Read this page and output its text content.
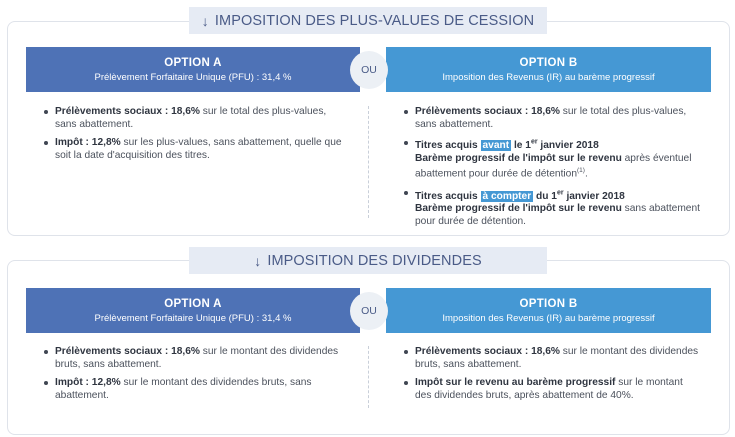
↓ IMPOSITION DES PLUS-VALUES DE CESSION
OPTION A
Prélèvement Forfaitaire Unique (PFU) : 31,4 %
OPTION B
Imposition des Revenus (IR) au barème progressif
OU
Prélèvements sociaux : 18,6% sur le total des plus-values, sans abattement.
Impôt : 12,8% sur les plus-values, sans abattement, quelle que soit la date d'acquisition des titres.
Prélèvements sociaux : 18,6% sur le total des plus-values, sans abattement.
Titres acquis avant le 1er janvier 2018
Barème progressif de l'impôt sur le revenu après éventuel abattement pour durée de détention$^{(1)}$.
Titres acquis à compter du 1er janvier 2018
Barème progressif de l'impôt sur le revenu sans abattement pour durée de détention.
↓ IMPOSITION DES DIVIDENDES
OPTION A
Prélèvement Forfaitaire Unique (PFU) : 31,4 %
OPTION B
Imposition des Revenus (IR) au barème progressif
OU
Prélèvements sociaux : 18,6% sur le montant des dividendes bruts, sans abattement.
Impôt : 12,8% sur le montant des dividendes bruts, sans abattement.
Prélèvements sociaux : 18,6% sur le montant des dividendes bruts, sans abattement.
Impôt sur le revenu au barème progressif sur le montant des dividendes bruts, après abattement de 40%.
